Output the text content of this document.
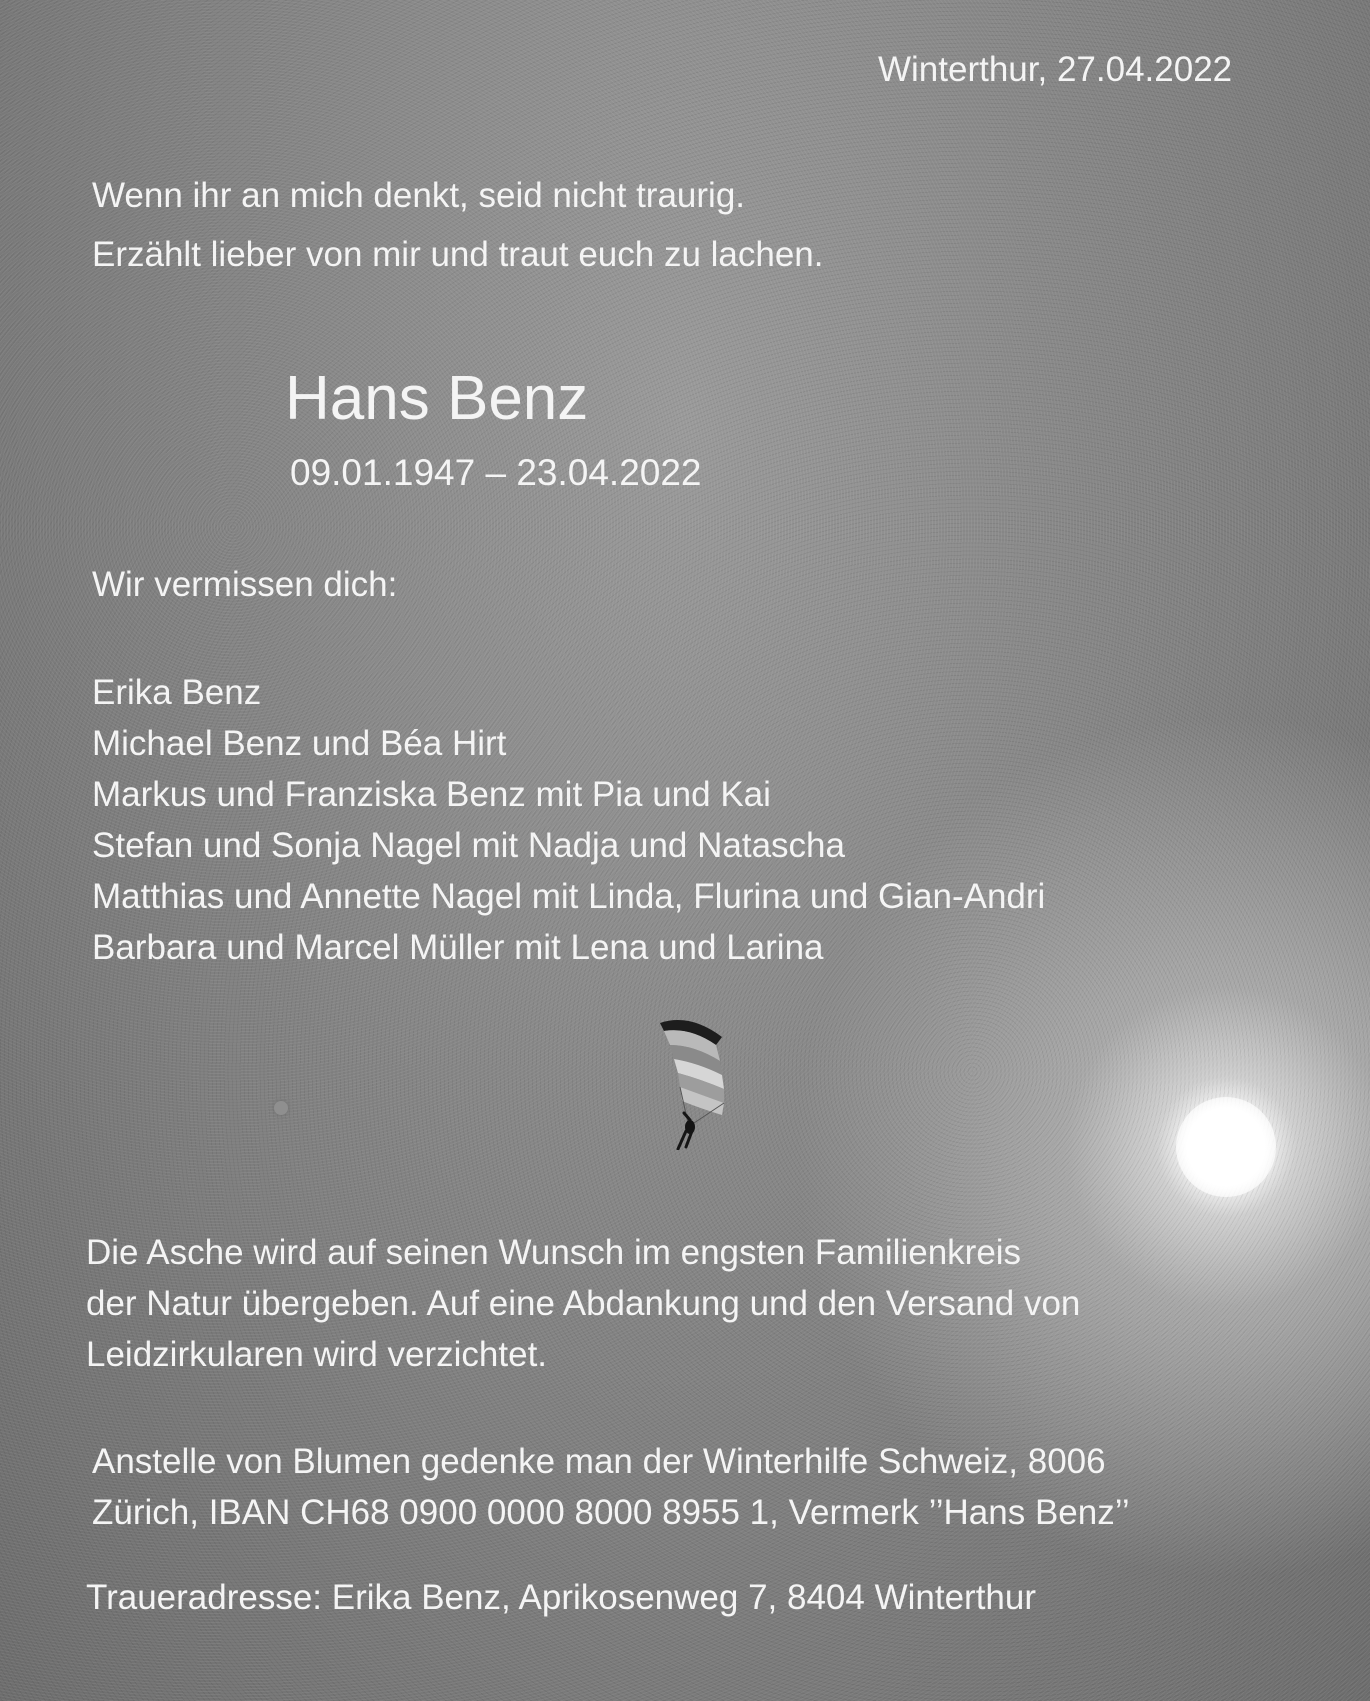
Winterthur, 27.04.2022
Wenn ihr an mich denkt, seid nicht traurig.
Erzählt lieber von mir und traut euch zu lachen.
Hans Benz
09.01.1947 – 23.04.2022
Wir vermissen dich:
Erika Benz
Michael Benz und Béa Hirt
Markus und Franziska Benz mit Pia und Kai
Stefan und Sonja Nagel mit Nadja und Natascha
Matthias und Annette Nagel mit Linda, Flurina und Gian-Andri
Barbara und Marcel Müller mit Lena und Larina
Die Asche wird auf seinen Wunsch im engsten Familienkreis
der Natur übergeben. Auf eine Abdankung und den Versand von
Leidzirkularen wird verzichtet.
Anstelle von Blumen gedenke man der Winterhilfe Schweiz, 8006
Zürich, IBAN CH68 0900 0000 8000 8955 1, Vermerk ’’Hans Benz’’
Traueradresse: Erika Benz, Aprikosenweg 7, 8404 Winterthur
